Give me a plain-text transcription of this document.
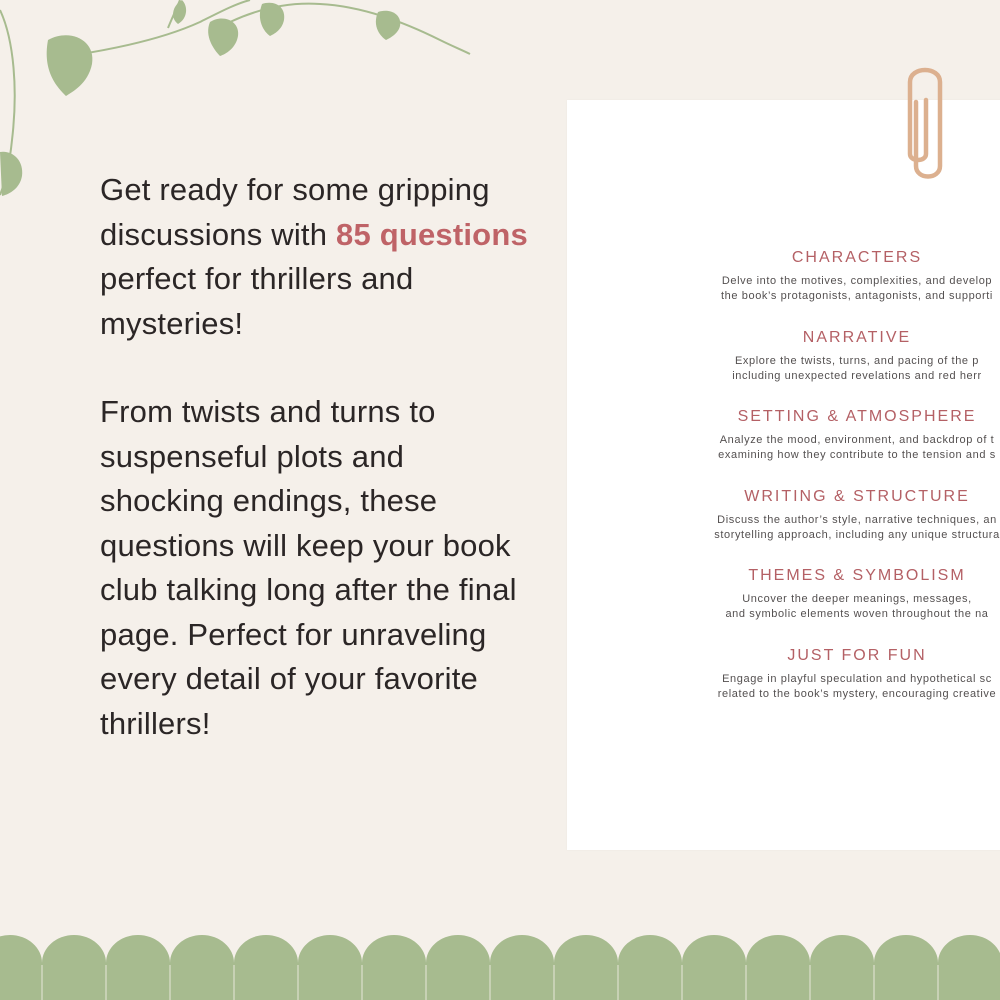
Get ready for some gripping discussions with 85 questions perfect for thrillers and mysteries!

From twists and turns to suspenseful plots and shocking endings, these questions will keep your book club talking long after the final page. Perfect for unraveling every detail of your favorite thrillers!

CHARACTERS
Delve into the motives, complexities, and develop
the book’s protagonists, antagonists, and supporti
NARRATIVE
Explore the twists, turns, and pacing of the p
including unexpected revelations and red herr
SETTING & ATMOSPHERE
Analyze the mood, environment, and backdrop of t
examining how they contribute to the tension and s
WRITING & STRUCTURE
Discuss the author’s style, narrative techniques, an
storytelling approach, including any unique structura
THEMES & SYMBOLISM
Uncover the deeper meanings, messages,
and symbolic elements woven throughout the na
JUST FOR FUN
Engage in playful speculation and hypothetical sc
related to the book’s mystery, encouraging creative
